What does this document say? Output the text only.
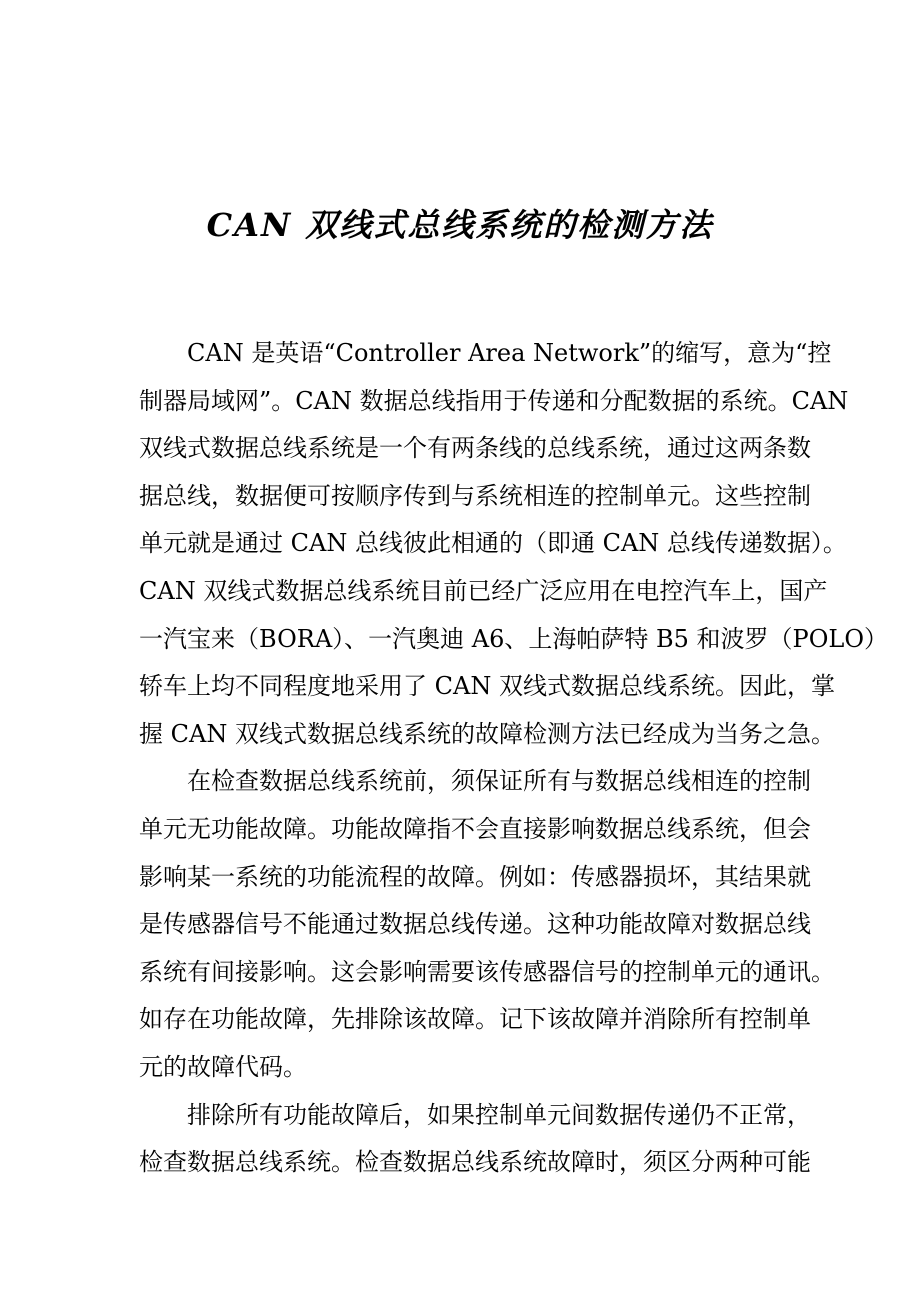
CAN 双线式总线系统的检测方法
CAN 是英语“Controller Area Network”的缩写，意为“控
制器局域网”。CAN 数据总线指用于传递和分配数据的系统。CAN
双线式数据总线系统是一个有两条线的总线系统，通过这两条数
据总线，数据便可按顺序传到与系统相连的控制单元。这些控制
单元就是通过 CAN 总线彼此相通的（即通 CAN 总线传递数据）。
CAN 双线式数据总线系统目前已经广泛应用在电控汽车上，国产
一汽宝来（BORA）、一汽奥迪 A6、上海帕萨特 B5 和波罗（POLO）
轿车上均不同程度地采用了 CAN 双线式数据总线系统。因此，掌
握 CAN 双线式数据总线系统的故障检测方法已经成为当务之急。
在检查数据总线系统前，须保证所有与数据总线相连的控制
单元无功能故障。功能故障指不会直接影响数据总线系统，但会
影响某一系统的功能流程的故障。例如：传感器损坏，其结果就
是传感器信号不能通过数据总线传递。这种功能故障对数据总线
系统有间接影响。这会影响需要该传感器信号的控制单元的通讯。
如存在功能故障，先排除该故障。记下该故障并消除所有控制单
元的故障代码。
排除所有功能故障后，如果控制单元间数据传递仍不正常，
检查数据总线系统。检查数据总线系统故障时，须区分两种可能
